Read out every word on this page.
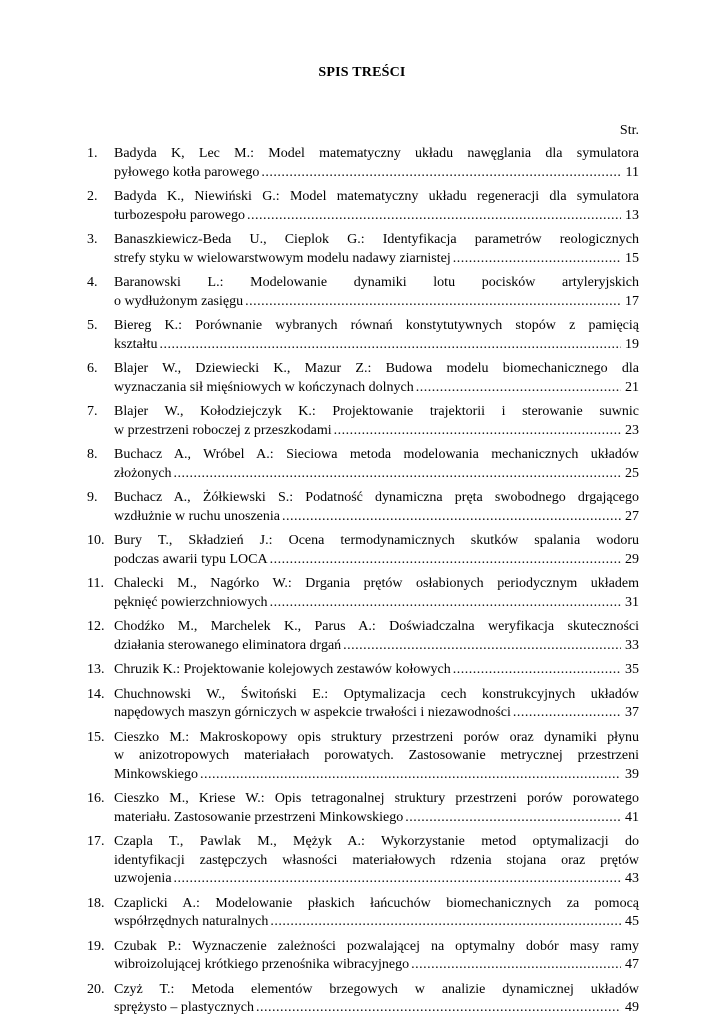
SPIS TREŚCI
Str.
1. Badyda K, Lec M.: Model matematyczny układu nawęglania dla symulatora
pyłowego kotła parowego .....	11
2. Badyda K., Niewiński G.: Model matematyczny układu regeneracji dla symulatora
turbozespołu parowego .....	13
3. Banaszkiewicz-Beda U., Cieplok G.: Identyfikacja parametrów reologicznych
strefy styku w wielowarstwowym modelu nadawy ziarnistej .....	15
4. Baranowski L.: Modelowanie dynamiki lotu pocisków artyleryjskich
o wydłużonym zasięgu .....	17
5. Biereg K.: Porównanie wybranych równań konstytutywnych stopów z pamięcią
kształtu .....	19
6. Blajer W., Dziewiecki K., Mazur Z.: Budowa modelu biomechanicznego dla
wyznaczania sił mięśniowych w kończynach dolnych .....	21
7. Blajer W., Kołodziejczyk K.: Projektowanie trajektorii i sterowanie suwnic
w przestrzeni roboczej z przeszkodami .....	23
8. Buchacz A., Wróbel A.: Sieciowa metoda modelowania mechanicznych układów
złożonych .....	25
9. Buchacz A., Żółkiewski S.: Podatność dynamiczna pręta swobodnego drgającego
wzdłużnie w ruchu unoszenia .....	27
10. Bury T., Składzień J.: Ocena termodynamicznych skutków spalania wodoru
podczas awarii typu LOCA .....	29
11. Chalecki M., Nagórko W.: Drgania prętów osłabionych periodycznym układem
pęknięć powierzchniowych .....	31
12. Chodźko M., Marchelek K., Parus A.: Doświadczalna weryfikacja skuteczności
działania sterowanego eliminatora drgań .....	33
13. Chruzik K.: Projektowanie kolejowych zestawów kołowych .....	35
14. Chuchnowski W., Świtoński E.: Optymalizacja cech konstrukcyjnych układów
napędowych maszyn górniczych w aspekcie trwałości i niezawodności .....	37
15. Cieszko M.: Makroskopowy opis struktury przestrzeni porów oraz dynamiki płynu
w anizotropowych materiałach porowatych. Zastosowanie metrycznej przestrzeni
Minkowskiego .....	39
16. Cieszko M., Kriese W.: Opis tetragonalnej struktury przestrzeni porów porowatego
materiału. Zastosowanie przestrzeni Minkowskiego .....	41
17. Czapla T., Pawlak M., Mężyk A.: Wykorzystanie metod optymalizacji do
identyfikacji zastępczych własności materiałowych rdzenia stojana oraz prętów
uzwojenia .....	43
18. Czaplicki A.: Modelowanie płaskich łańcuchów biomechanicznych za pomocą
współrzędnych naturalnych .....	45
19. Czubak P.: Wyznaczenie zależności pozwalającej na optymalny dobór masy ramy
wibroizolującej krótkiego przenośnika wibracyjnego .....	47
20. Czyż T.: Metoda elementów brzegowych w analizie dynamicznej układów
sprężysto – plastycznych .....	49
